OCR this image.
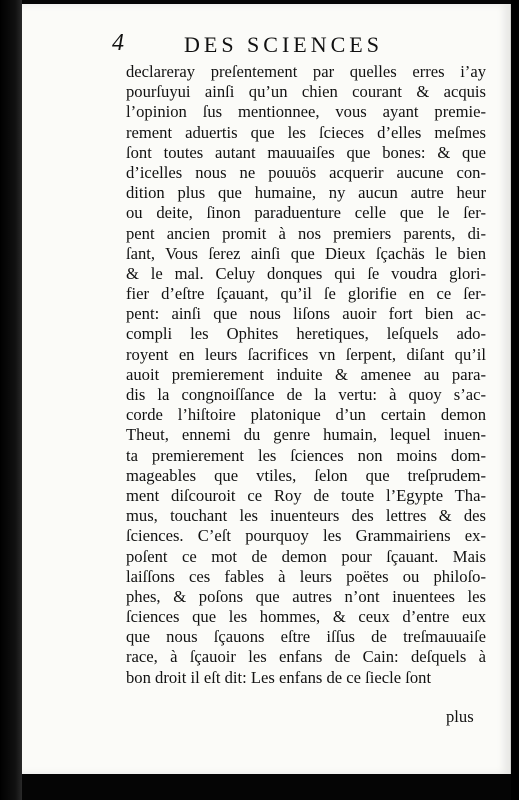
4	DES SCIENCES
declareray preſentement par quelles erres i’ay
pourſuyui ainſi qu’un chien courant & acquis
l’opinion ſus mentionnee, vous ayant premie-
rement aduertis que les ſcieces d’elles meſmes
ſont toutes autant mauuaiſes que bones: & que
d’icelles nous ne pouuös acquerir aucune con-
dition plus que humaine, ny aucun autre heur
ou deite, ſinon paraduenture celle que le ſer-
pent ancien promit à nos premiers parents, di-
ſant, Vous ſerez ainſi que Dieux ſçachäs le bien
& le mal. Celuy donques qui ſe voudra glori-
fier d’eſtre ſçauant, qu’il ſe glorifie en ce ſer-
pent: ainſi que nous liſons auoir fort bien ac-
compli les Ophites heretiques, leſquels ado-
royent en leurs ſacrifices vn ſerpent, diſant qu’il
auoit premierement induite & amenee au para-
dis la congnoiſſance de la vertu: à quoy s’ac-
corde l’hiſtoire platonique d’un certain demon
Theut, ennemi du genre humain, lequel inuen-
ta premierement les ſciences non moins dom-
mageables que vtiles, ſelon que treſprudem-
ment diſcouroit ce Roy de toute l’Egypte Tha-
mus, touchant les inuenteurs des lettres & des
ſciences. C’eſt pourquoy les Grammairiens ex-
poſent ce mot de demon pour ſçauant. Mais
laiſſons ces fables à leurs poëtes ou philoſo-
phes, & poſons que autres n’ont inuentees les
ſciences que les hommes, & ceux d’entre eux
que nous ſçauons eſtre iſſus de treſmauuaiſe
race, à ſçauoir les enfans de Cain: deſquels à
bon droit il eſt dit: Les enfans de ce ſiecle ſont
plus
